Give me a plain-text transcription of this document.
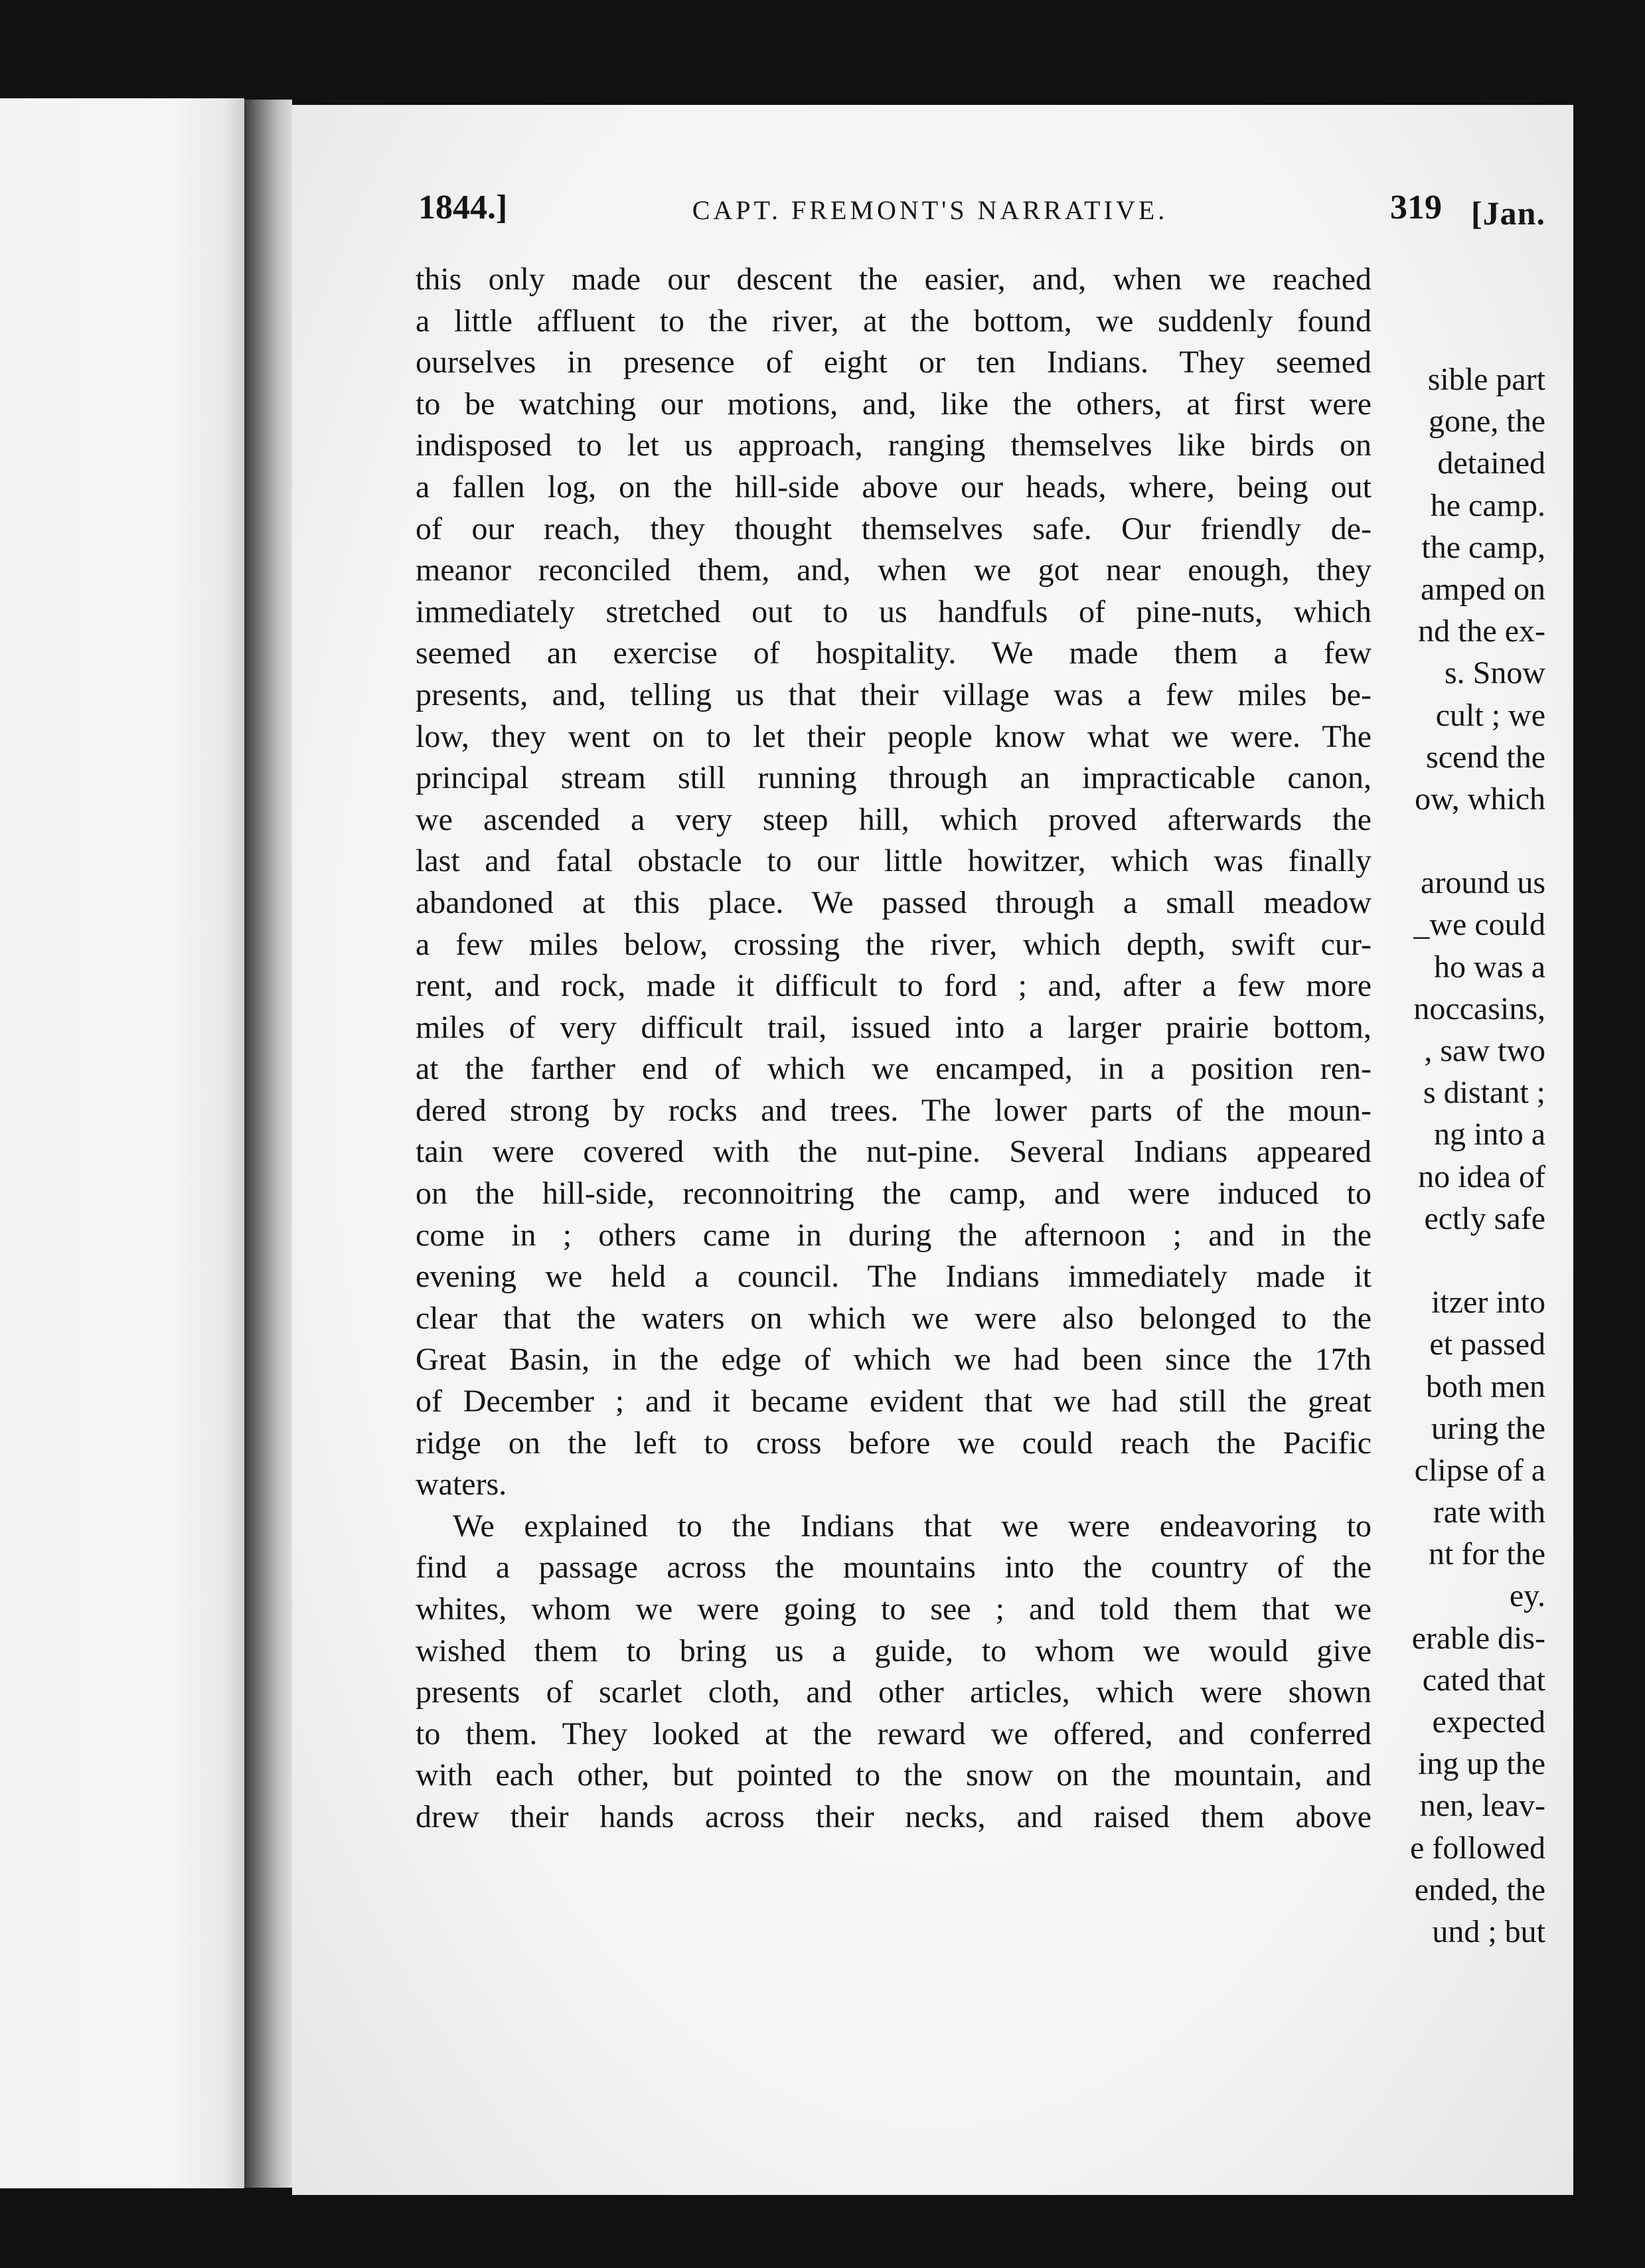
[Jan.
sible part
gone, the
detained
he camp.
the camp,
amped on
nd the ex-
s. Snow
cult ; we
scend the
ow, which
around us
_we could
ho was a
noccasins,
, saw two
s distant ;
ng into a
no idea of
ectly safe
itzer into
et passed
both men
uring the
clipse of a
rate with
nt for the
ey.
erable dis-
cated that
expected
ing up the
nen, leav-
e followed
ended, the
und ; but
1844.]	CAPT. FREMONT'S NARRATIVE.	319
this only made our descent the easier, and, when we reached
a little affluent to the river, at the bottom, we suddenly found
ourselves in presence of eight or ten Indians. They seemed
to be watching our motions, and, like the others, at first were
indisposed to let us approach, ranging themselves like birds on
a fallen log, on the hill-side above our heads, where, being out
of our reach, they thought themselves safe. Our friendly de-
meanor reconciled them, and, when we got near enough, they
immediately stretched out to us handfuls of pine-nuts, which
seemed an exercise of hospitality. We made them a few
presents, and, telling us that their village was a few miles be-
low, they went on to let their people know what we were. The
principal stream still running through an impracticable canon,
we ascended a very steep hill, which proved afterwards the
last and fatal obstacle to our little howitzer, which was finally
abandoned at this place. We passed through a small meadow
a few miles below, crossing the river, which depth, swift cur-
rent, and rock, made it difficult to ford ; and, after a few more
miles of very difficult trail, issued into a larger prairie bottom,
at the farther end of which we encamped, in a position ren-
dered strong by rocks and trees. The lower parts of the moun-
tain were covered with the nut-pine. Several Indians appeared
on the hill-side, reconnoitring the camp, and were induced to
come in ; others came in during the afternoon ; and in the
evening we held a council. The Indians immediately made it
clear that the waters on which we were also belonged to the
Great Basin, in the edge of which we had been since the 17th
of December ; and it became evident that we had still the great
ridge on the left to cross before we could reach the Pacific
waters.
We explained to the Indians that we were endeavoring to
find a passage across the mountains into the country of the
whites, whom we were going to see ; and told them that we
wished them to bring us a guide, to whom we would give
presents of scarlet cloth, and other articles, which were shown
to them. They looked at the reward we offered, and conferred
with each other, but pointed to the snow on the mountain, and
drew their hands across their necks, and raised them above
